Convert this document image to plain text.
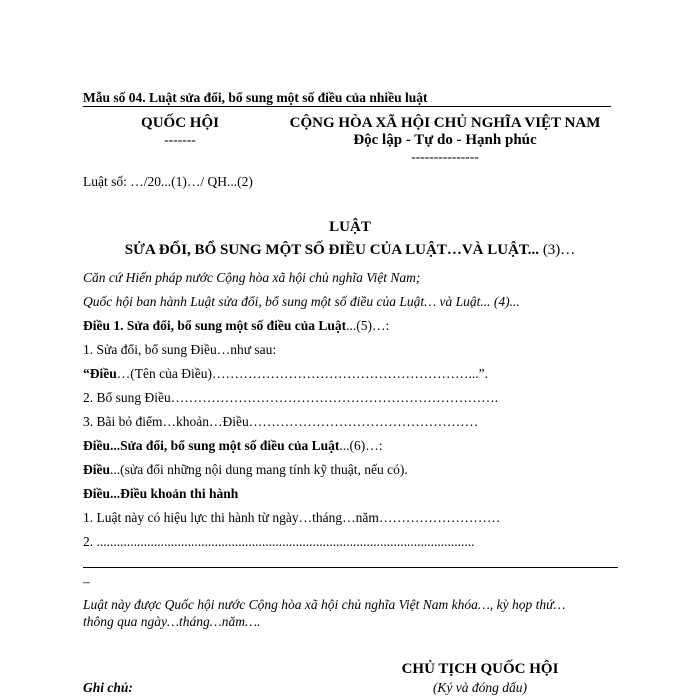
Mẫu số 04. Luật sửa đổi, bổ sung một số điều của nhiều luật
QUỐC HỘI
-------
CỘNG HÒA XÃ HỘI CHỦ NGHĨA VIỆT NAM
Độc lập - Tự do - Hạnh phúc
---------------
Luật số: …/20...(1)…/ QH...(2)
LUẬT
SỬA ĐỔI, BỔ SUNG MỘT SỐ ĐIỀU CỦA LUẬT…VÀ LUẬT... (3)…
Căn cứ Hiến pháp nước Cộng hòa xã hội chủ nghĩa Việt Nam;
Quốc hội ban hành Luật sửa đổi, bổ sung một số điều của Luật… và Luật... (4)...
Điều 1. Sửa đổi, bổ sung một số điều của Luật...(5)…:
1. Sửa đổi, bổ sung Điều…như sau:
“Điều…(Tên của Điều)…………………………………………………...”.
2. Bổ sung Điều……………………………………………………………….
3. Bãi bỏ điểm…khoản…Điều……………………………………………
Điều...Sửa đổi, bổ sung một số điều của Luật...(6)…:
Điều...(sửa đổi những nội dung mang tính kỹ thuật, nếu có).
Điều...Điều khoản thi hành
1. Luật này có hiệu lực thi hành từ ngày…tháng…năm………………………
2. ................................................................................................................
–
Luật này được Quốc hội nước Cộng hòa xã hội chủ nghĩa Việt Nam khóa…, kỳ họp thứ…
thông qua ngày…tháng…năm….
CHỦ TỊCH QUỐC HỘI
(Ký và đóng dấu)
Ghi chú:
